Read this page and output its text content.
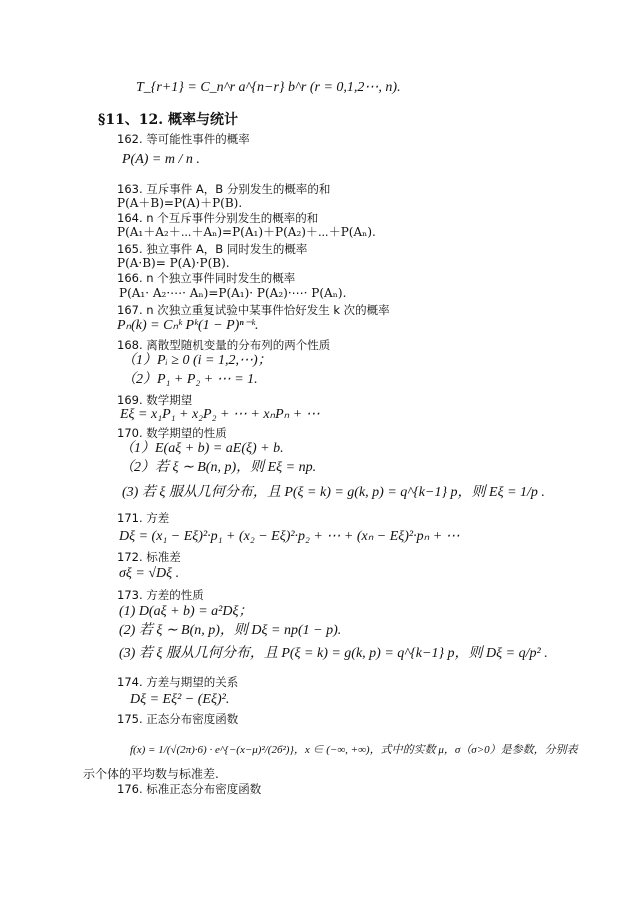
T_{r+1} = C_n^r a^{n−r} b^r (r = 0,1,2⋯, n).
§11、12. 概率与统计
162. 等可能性事件的概率
P(A) = m / n .
163. 互斥事件 A，B 分别发生的概率的和
P(A＋B)=P(A)＋P(B).
164. n 个互斥事件分别发生的概率的和
P(A₁＋A₂＋⋯＋Aₙ)=P(A₁)＋P(A₂)＋⋯＋P(Aₙ).
165. 独立事件 A，B 同时发生的概率
P(A·B)= P(A)·P(B).
166. n 个独立事件同时发生的概率
P(A₁· A₂·⋯· Aₙ)=P(A₁)· P(A₂)·⋯· P(Aₙ).
167. n 次独立重复试验中某事件恰好发生 k 次的概率
Pₙ(k) = Cₙᵏ Pᵏ(1 − P)ⁿ⁻ᵏ.
168. 离散型随机变量的分布列的两个性质
（1）Pᵢ ≥ 0 (i = 1,2,⋯)；
（2）P₁ + P₂ + ⋯ = 1.
169. 数学期望
Eξ = x₁P₁ + x₂P₂ + ⋯ + xₙPₙ + ⋯
170. 数学期望的性质
（1）E(aξ + b) = aE(ξ) + b.
（2）若 ξ ∼ B(n, p)，则 Eξ = np.
(3) 若 ξ 服从几何分布，且 P(ξ = k) = g(k, p) = q^{k−1} p，则 Eξ = 1/p .
171. 方差
Dξ = (x₁ − Eξ)²·p₁ + (x₂ − Eξ)²·p₂ + ⋯ + (xₙ − Eξ)²·pₙ + ⋯
172. 标准差
σξ = √Dξ .
173. 方差的性质
(1) D(aξ + b) = a²Dξ；
(2) 若 ξ ∼ B(n, p)，则 Dξ = np(1 − p).
(3) 若 ξ 服从几何分布，且 P(ξ = k) = g(k, p) = q^{k−1} p，则 Dξ = q/p² .
174. 方差与期望的关系
Dξ = Eξ² − (Eξ)².
175. 正态分布密度函数
f(x) = 1/(√(2π)·6) · e^{−(x−μ)²/(2б²)}，x ∈ (−∞, +∞)，式中的实数 μ，σ（σ>0）是参数，分别表
示个体的平均数与标准差.
176. 标准正态分布密度函数
